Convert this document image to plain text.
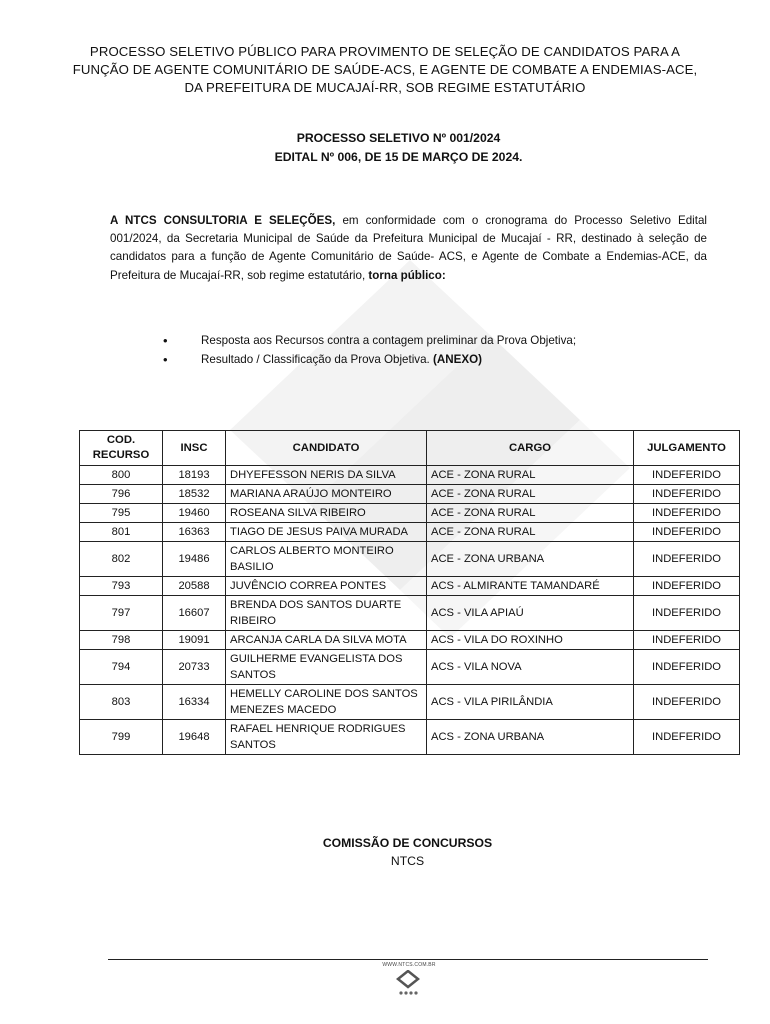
PROCESSO SELETIVO PÚBLICO PARA PROVIMENTO DE SELEÇÃO DE CANDIDATOS PARA A
FUNÇÃO DE AGENTE COMUNITÁRIO DE SAÚDE-ACS, E AGENTE DE COMBATE A ENDEMIAS-ACE,
DA PREFEITURA DE MUCAJAÍ-RR, SOB REGIME ESTATUTÁRIO
PROCESSO SELETIVO Nº 001/2024
EDITAL Nº 006, DE 15 DE MARÇO DE 2024.

A NTCS CONSULTORIA E SELEÇÕES, em conformidade com o cronograma do Processo Seletivo Edital 001/2024, da Secretaria Municipal de Saúde da Prefeitura Municipal de Mucajaí - RR, destinado à seleção de candidatos para a função de Agente Comunitário de Saúde- ACS, e Agente de Combate a Endemias-ACE, da Prefeitura de Mucajaí-RR, sob regime estatutário, torna público:

• Resposta aos Recursos contra a contagem preliminar da Prova Objetiva;
• Resultado / Classificação da Prova Objetiva. (ANEXO)
COD. RECURSO	INSC	CANDIDATO	CARGO	JULGAMENTO
800	18193	DHYEFESSON NERIS DA SILVA	ACE - ZONA RURAL	INDEFERIDO
796	18532	MARIANA ARAÚJO MONTEIRO	ACE - ZONA RURAL	INDEFERIDO
795	19460	ROSEANA SILVA RIBEIRO	ACE - ZONA RURAL	INDEFERIDO
801	16363	TIAGO DE JESUS PAIVA MURADA	ACE - ZONA RURAL	INDEFERIDO
802	19486	CARLOS ALBERTO MONTEIRO BASILIO	ACE - ZONA URBANA	INDEFERIDO
793	20588	JUVÊNCIO CORREA PONTES	ACS - ALMIRANTE TAMANDARÉ	INDEFERIDO
797	16607	BRENDA DOS SANTOS DUARTE RIBEIRO	ACS - VILA APIAÚ	INDEFERIDO
798	19091	ARCANJA CARLA DA SILVA MOTA	ACS - VILA DO ROXINHO	INDEFERIDO
794	20733	GUILHERME EVANGELISTA DOS SANTOS	ACS - VILA NOVA	INDEFERIDO
803	16334	HEMELLY CAROLINE DOS SANTOS MENEZES MACEDO	ACS - VILA PIRILÂNDIA	INDEFERIDO
799	19648	RAFAEL HENRIQUE RODRIGUES SANTOS	ACS - ZONA URBANA	INDEFERIDO
COMISSÃO DE CONCURSOS
NTCS
WWW.NTCS.COM.BR
